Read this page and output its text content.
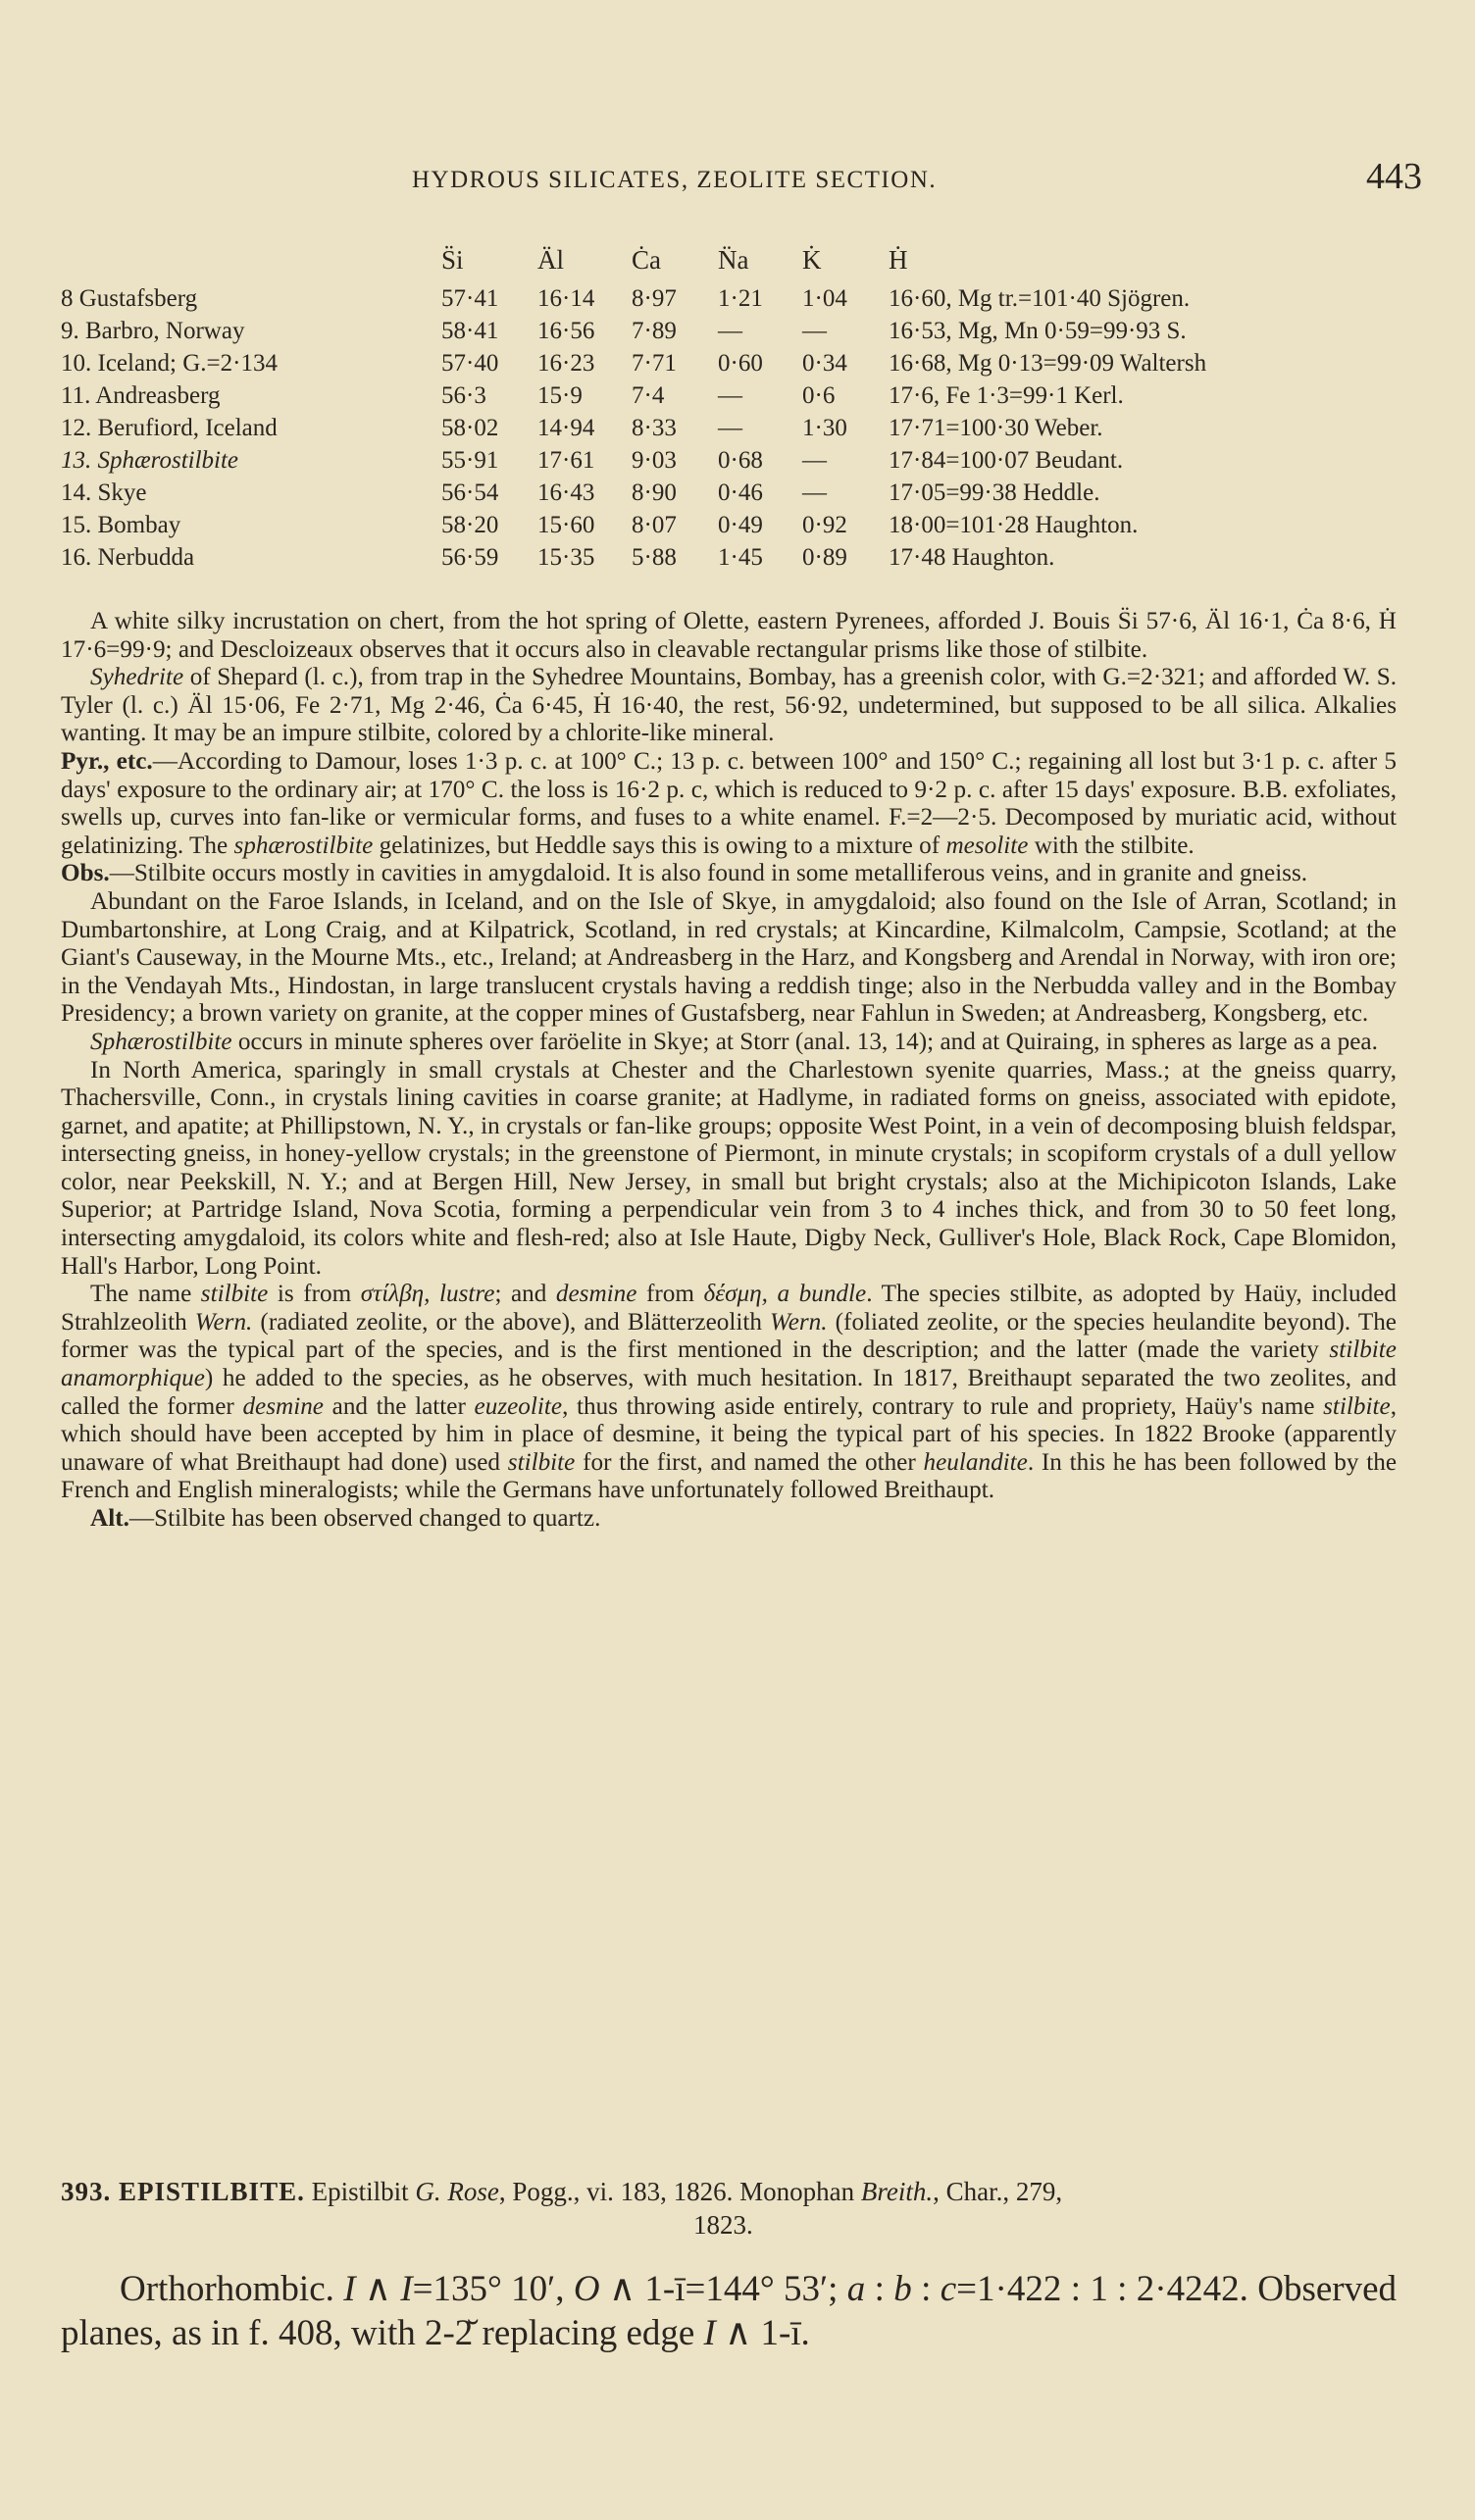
HYDROUS SILICATES, ZEOLITE SECTION.	443
	S̈i	Äl	Ċa	N̈a	K̇	Ḣ
8 Gustafsberg	57·41	16·14	8·97	1·21	1·04	16·60, Mg tr.=101·40 Sjögren.
9. Barbro, Norway	58·41	16·56	7·89	—	—	16·53, Mg, Mn 0·59=99·93 S.
10. Iceland; G.=2·134	57·40	16·23	7·71	0·60	0·34	16·68, Mg 0·13=99·09 Waltersh
11. Andreasberg	56·3	15·9	7·4	—	0·6	17·6, Fe 1·3=99·1 Kerl.
12. Berufiord, Iceland	58·02	14·94	8·33	—	1·30	17·71=100·30 Weber.
13. Sphærostilbite	55·91	17·61	9·03	0·68	—	17·84=100·07 Beudant.
14. Skye	56·54	16·43	8·90	0·46	—	17·05=99·38 Heddle.
15. Bombay	58·20	15·60	8·07	0·49	0·92	18·00=101·28 Haughton.
16. Nerbudda	56·59	15·35	5·88	1·45	0·89	17·48 Haughton.

A white silky incrustation on chert, from the hot spring of Olette, eastern Pyrenees, afforded J. Bouis S̈i 57·6, Äl 16·1, Ċa 8·6, Ḣ 17·6=99·9; and Descloizeaux observes that it occurs also in cleavable rectangular prisms like those of stilbite.

Syhedrite of Shepard (l. c.), from trap in the Syhedree Mountains, Bombay, has a greenish color, with G.=2·321; and afforded W. S. Tyler (l. c.) Äl 15·06, Fe 2·71, Mg 2·46, Ċa 6·45, Ḣ 16·40, the rest, 56·92, undetermined, but supposed to be all silica. Alkalies wanting. It may be an impure stilbite, colored by a chlorite-like mineral.

Pyr., etc.—According to Damour, loses 1·3 p. c. at 100° C.; 13 p. c. between 100° and 150° C.; regaining all lost but 3·1 p. c. after 5 days' exposure to the ordinary air; at 170° C. the loss is 16·2 p. c, which is reduced to 9·2 p. c. after 15 days' exposure. B.B. exfoliates, swells up, curves into fan-like or vermicular forms, and fuses to a white enamel. F.=2—2·5. Decomposed by muriatic acid, without gelatinizing. The sphærostilbite gelatinizes, but Heddle says this is owing to a mixture of mesolite with the stilbite.

Obs.—Stilbite occurs mostly in cavities in amygdaloid. It is also found in some metalliferous veins, and in granite and gneiss.

Abundant on the Faroe Islands, in Iceland, and on the Isle of Skye, in amygdaloid; also found on the Isle of Arran, Scotland; in Dumbartonshire, at Long Craig, and at Kilpatrick, Scotland, in red crystals; at Kincardine, Kilmalcolm, Campsie, Scotland; at the Giant's Causeway, in the Mourne Mts., etc., Ireland; at Andreasberg in the Harz, and Kongsberg and Arendal in Norway, with iron ore; in the Vendayah Mts., Hindostan, in large translucent crystals having a reddish tinge; also in the Nerbudda valley and in the Bombay Presidency; a brown variety on granite, at the copper mines of Gustafsberg, near Fahlun in Sweden; at Andreasberg, Kongsberg, etc.

Sphærostilbite occurs in minute spheres over faröelite in Skye; at Storr (anal. 13, 14); and at Quiraing, in spheres as large as a pea.

In North America, sparingly in small crystals at Chester and the Charlestown syenite quarries, Mass.; at the gneiss quarry, Thachersville, Conn., in crystals lining cavities in coarse granite; at Hadlyme, in radiated forms on gneiss, associated with epidote, garnet, and apatite; at Phillipstown, N. Y., in crystals or fan-like groups; opposite West Point, in a vein of decomposing bluish feldspar, intersecting gneiss, in honey-yellow crystals; in the greenstone of Piermont, in minute crystals; in scopiform crystals of a dull yellow color, near Peekskill, N. Y.; and at Bergen Hill, New Jersey, in small but bright crystals; also at the Michipicoton Islands, Lake Superior; at Partridge Island, Nova Scotia, forming a perpendicular vein from 3 to 4 inches thick, and from 30 to 50 feet long, intersecting amygdaloid, its colors white and flesh-red; also at Isle Haute, Digby Neck, Gulliver's Hole, Black Rock, Cape Blomidon, Hall's Harbor, Long Point.

The name stilbite is from στίλβη, lustre; and desmine from δέσμη, a bundle. The species stilbite, as adopted by Haüy, included Strahlzeolith Wern. (radiated zeolite, or the above), and Blätterzeolith Wern. (foliated zeolite, or the species heulandite beyond). The former was the typical part of the species, and is the first mentioned in the description; and the latter (made the variety stilbite anamorphique) he added to the species, as he observes, with much hesitation. In 1817, Breithaupt separated the two zeolites, and called the former desmine and the latter euzeolite, thus throwing aside entirely, contrary to rule and propriety, Haüy's name stilbite, which should have been accepted by him in place of desmine, it being the typical part of his species. In 1822 Brooke (apparently unaware of what Breithaupt had done) used stilbite for the first, and named the other heulandite. In this he has been followed by the French and English mineralogists; while the Germans have unfortunately followed Breithaupt.

Alt.—Stilbite has been observed changed to quartz.

393. EPISTILBITE. Epistilbit G. Rose, Pogg., vi. 183, 1826. Monophan Breith., Char., 279,
1823.

Orthorhombic. I ∧ I=135° 10′, O ∧ 1-ī=144° 53′; a : b : c=1·422 : 1 : 2·4242. Observed planes, as in f. 408, with 2-2̆ replacing edge I ∧ 1-ī.
